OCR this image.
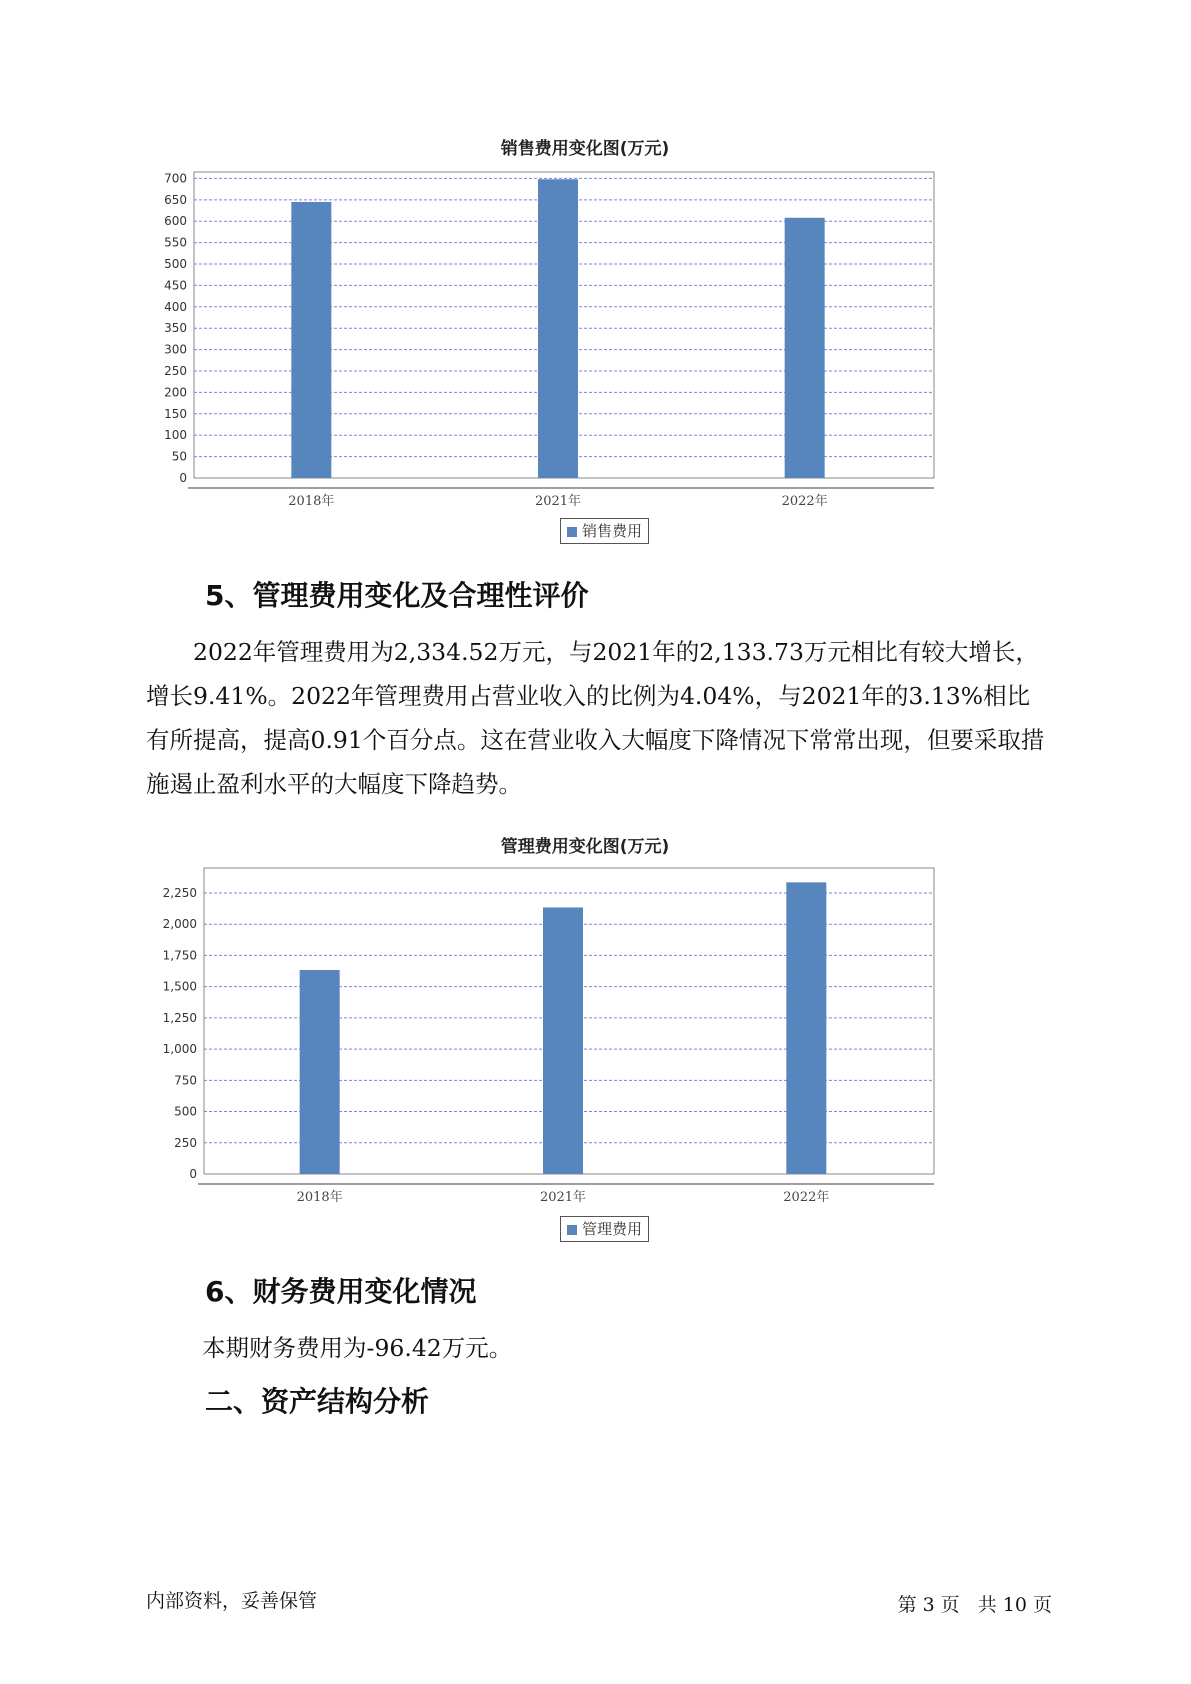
销售费用变化图(万元)
0
50
100
150
200
250
300
350
400
450
500
550
600
650
700
2018年	2021年	2022年
销售费用
5、管理费用变化及合理性评价

2022年管理费用为2,334.52万元，与2021年的2,133.73万元相比有较大增长，增长9.41%。2022年管理费用占营业收入的比例为4.04%，与2021年的3.13%相比有所提高，提高0.91个百分点。这在营业收入大幅度下降情况下常常出现，但要采取措施遏止盈利水平的大幅度下降趋势。

管理费用变化图(万元)
0
250
500
750
1,000
1,250
1,500
1,750
2,000
2,250
2018年	2021年	2022年
管理费用
6、财务费用变化情况

本期财务费用为-96.42万元。

二、资产结构分析
内部资料，妥善保管	第 3 页 共 10 页
